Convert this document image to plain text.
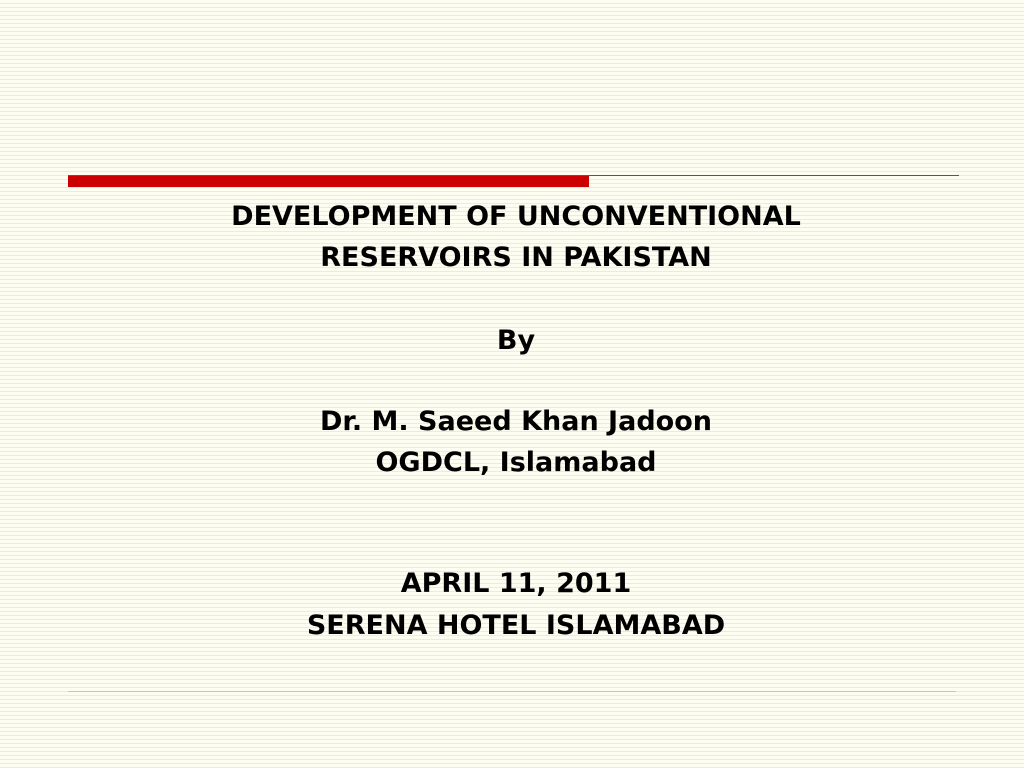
DEVELOPMENT OF UNCONVENTIONAL
RESERVOIRS IN PAKISTAN
By
Dr. M. Saeed Khan Jadoon
OGDCL, Islamabad
APRIL 11, 2011
SERENA HOTEL ISLAMABAD
